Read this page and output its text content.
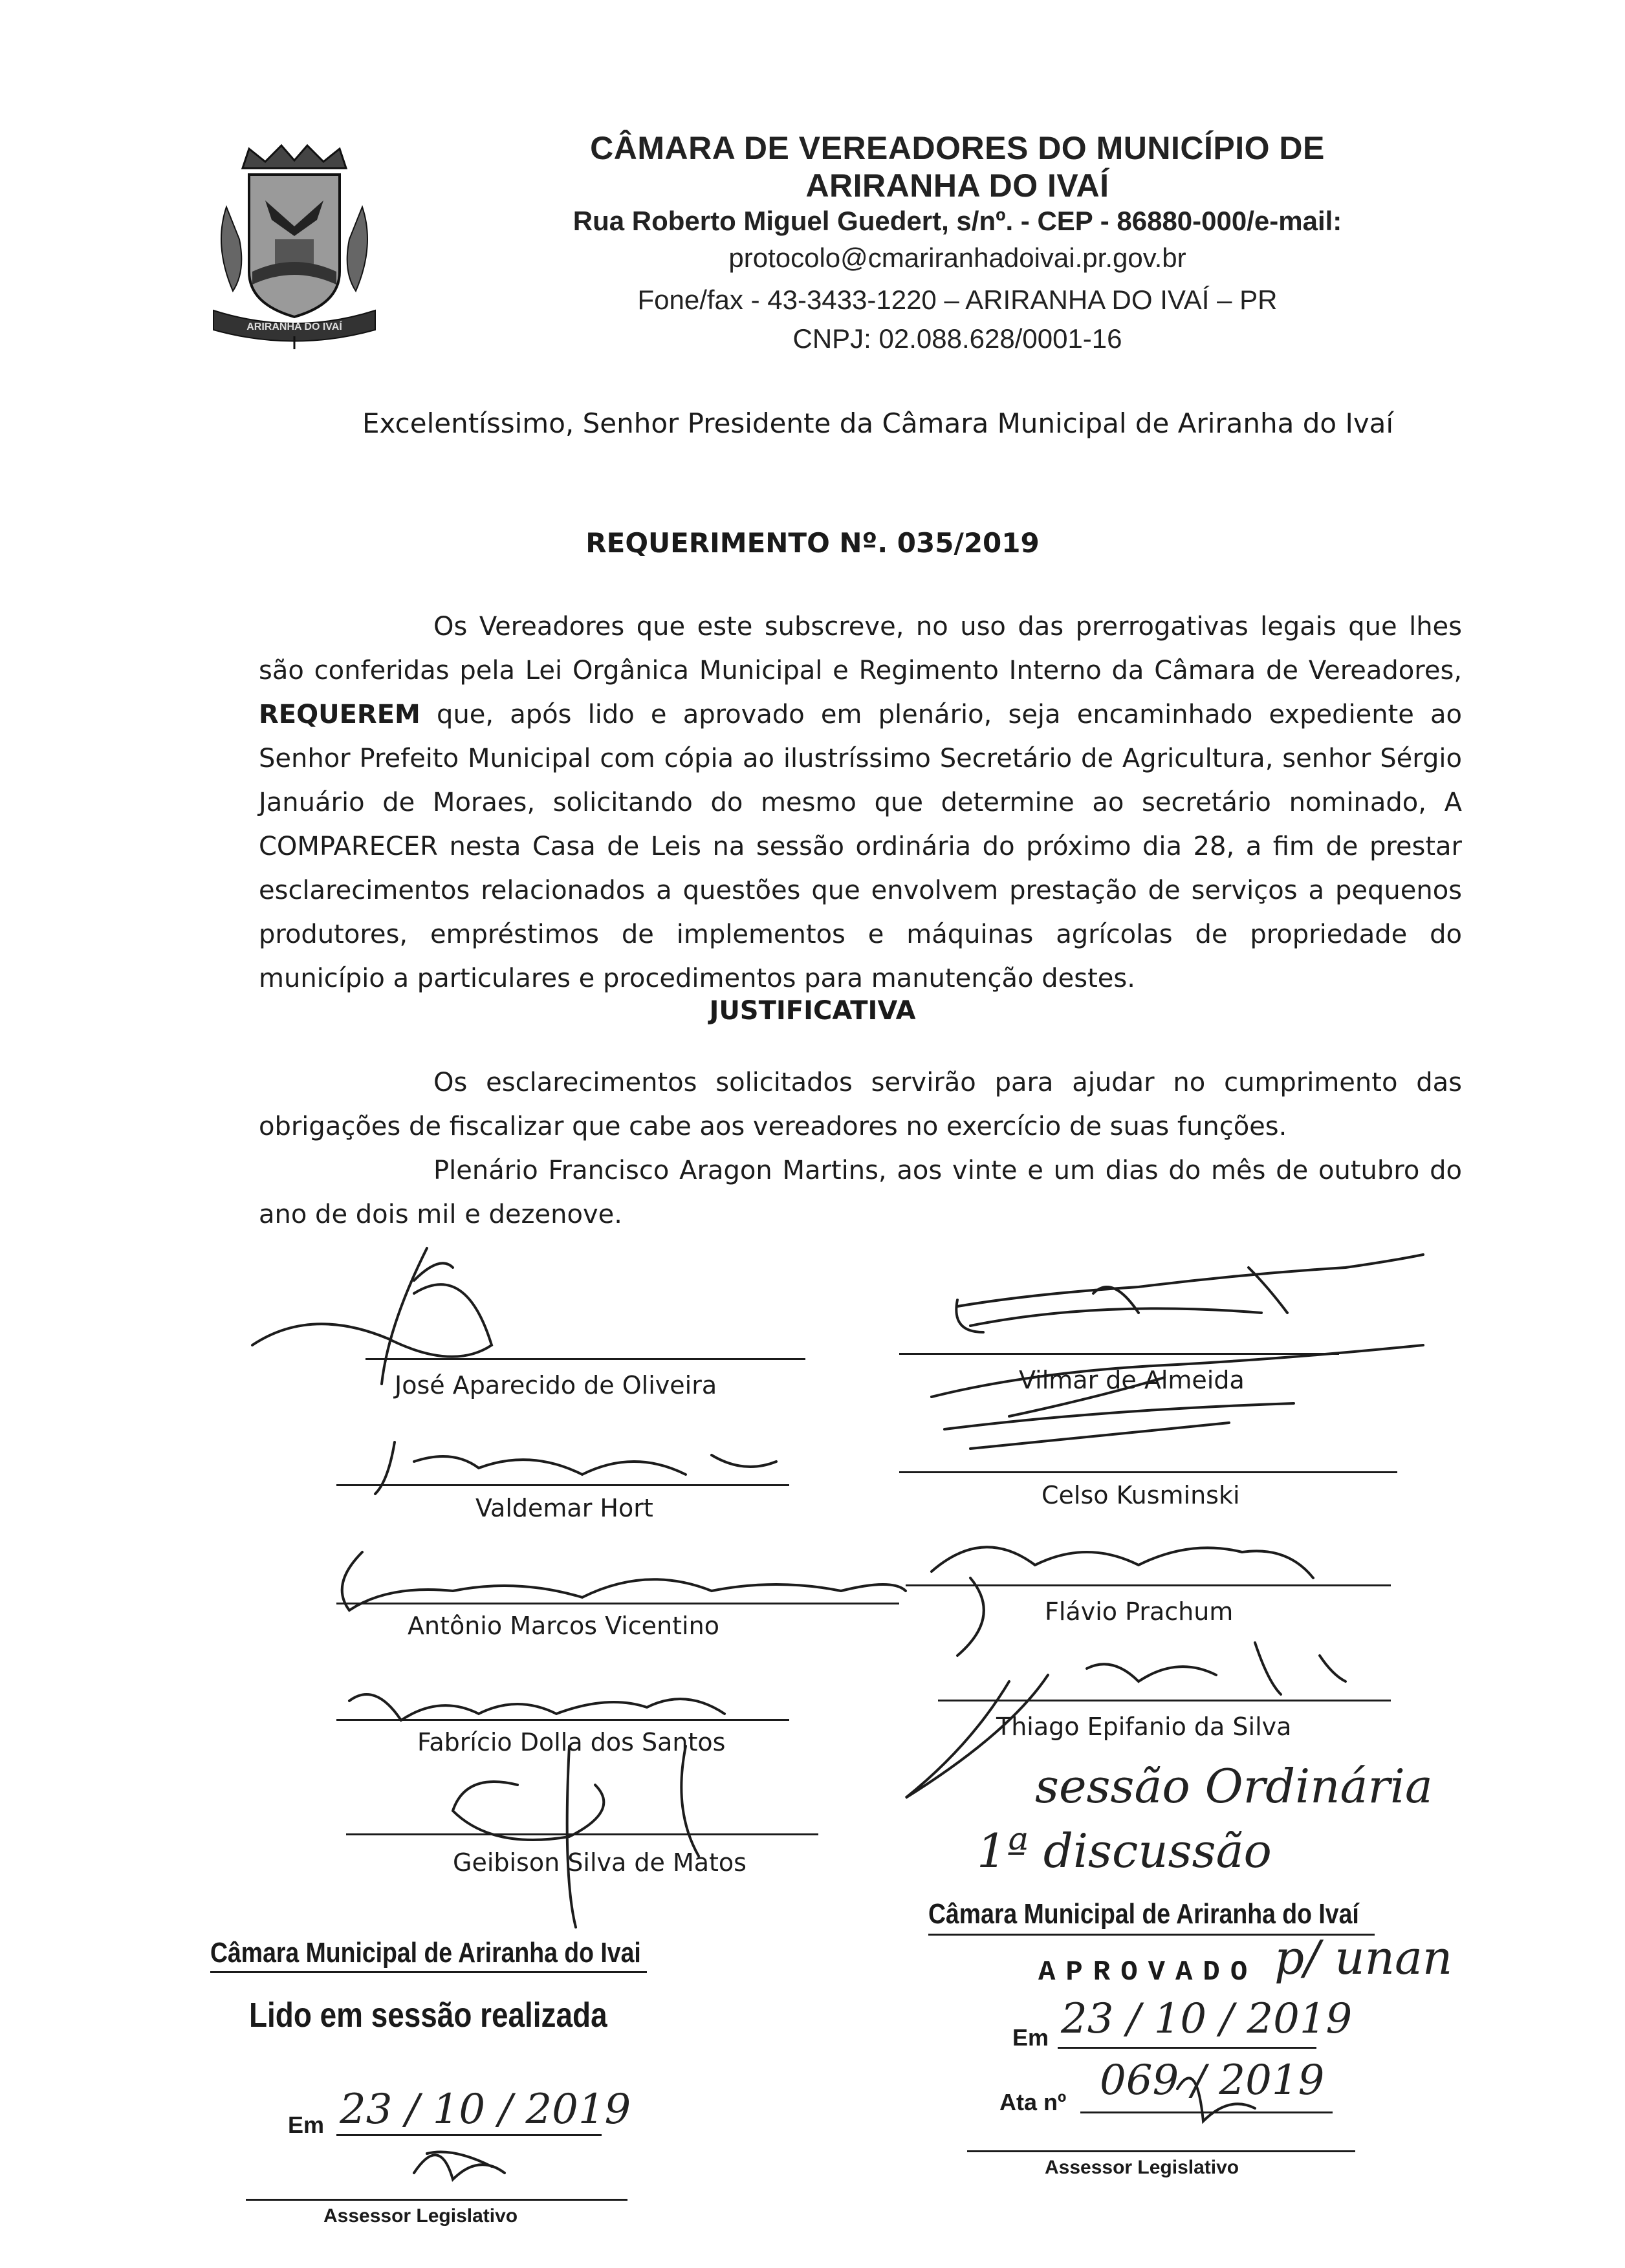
ARIRANHA DO IVAÍ
CÂMARA DE VEREADORES DO MUNICÍPIO DE ARIRANHA DO IVAÍ
Rua Roberto Miguel Guedert, s/nº. - CEP - 86880-000/e-mail:
protocolo@cmariranhadoivai.pr.gov.br
Fone/fax - 43-3433-1220 – ARIRANHA DO IVAÍ – PR
CNPJ: 02.088.628/0001-16
Excelentíssimo, Senhor Presidente da Câmara Municipal de Ariranha do Ivaí
REQUERIMENTO Nº. 035/2019
Os Vereadores que este subscreve, no uso das prerrogativas legais que lhes são conferidas pela Lei Orgânica Municipal e Regimento Interno da Câmara de Vereadores, REQUEREM que, após lido e aprovado em plenário, seja encaminhado expediente ao Senhor Prefeito Municipal com cópia ao ilustríssimo Secretário de Agricultura, senhor Sérgio Januário de Moraes, solicitando do mesmo que determine ao secretário nominado, A COMPARECER nesta Casa de Leis na sessão ordinária do próximo dia 28, a fim de prestar esclarecimentos relacionados a questões que envolvem prestação de serviços a pequenos produtores, empréstimos de implementos e máquinas agrícolas de propriedade do município a particulares e procedimentos para manutenção destes.
JUSTIFICATIVA
Os esclarecimentos solicitados servirão para ajudar no cumprimento das obrigações de fiscalizar que cabe aos vereadores no exercício de suas funções.
Plenário Francisco Aragon Martins, aos vinte e um dias do mês de outubro do ano de dois mil e dezenove.
José Aparecido de Oliveira
Valdemar Hort
Antônio Marcos Vicentino
Fabrício Dolla dos Santos
Geibison Silva de Matos
Vilmar de Almeida
Celso Kusminski
Flávio Prachum
Thiago Epifanio da Silva
sessão Ordinária
1ª discussão
Câmara Municipal de Ariranha do Ivai
Lido em sessão realizada
Em 23 / 10 / 2019
Assessor Legislativo
Câmara Municipal de Ariranha do Ivaí
APROVADO p/ unan
Em 23 / 10 / 2019
Ata nº 069 / 2019
Assessor Legislativo
